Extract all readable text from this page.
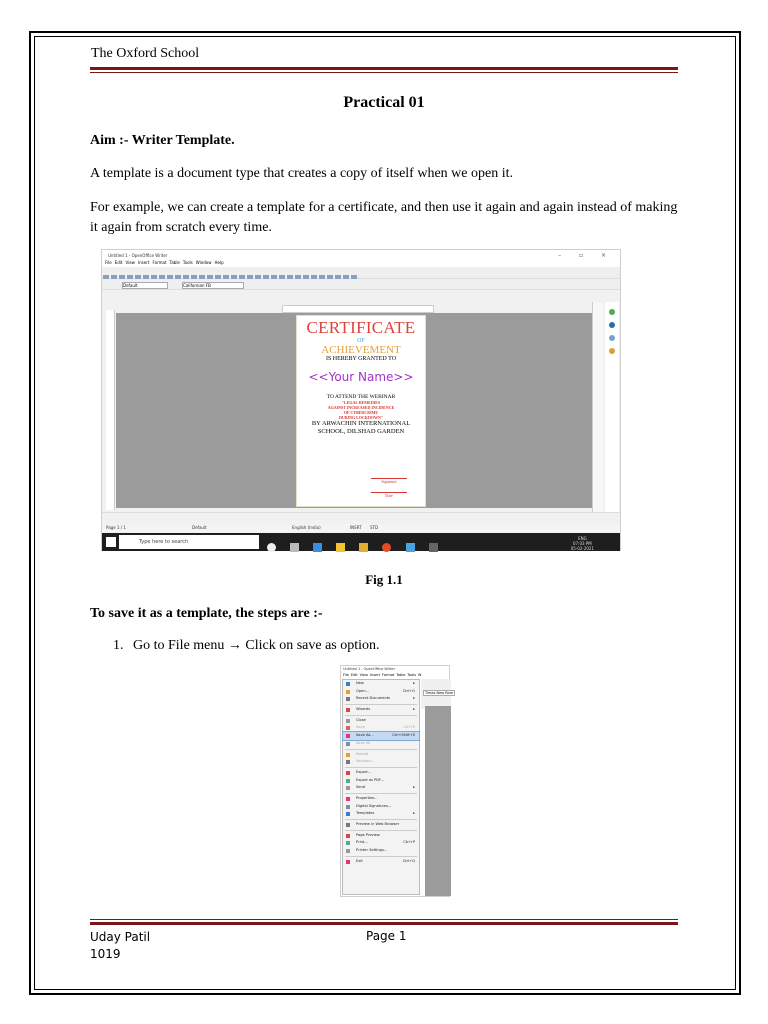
The Oxford School
Practical 01
Aim :- Writer Template.
A template is a document type that creates a copy of itself when we open it.
For example, we can create a template for a certificate, and then use it again and again instead of making it again from scratch every time.
Untitled 1 - OpenOffice Writer	– ▫ ×
File Edit View Insert Format Table Tools Window Help
Default	Californian FB
CERTIFICATE
OF
ACHIEVEMENT
IS HEREBY GRANTED TO
<<Your Name>>
TO ATTEND THE WEBINAR
"LEGAL REMEDIES
AGAINST INCREASED INCIDENCE
OF CYBERCRIME
DURING LOCKDOWN"
BY ARWACHIN INTERNATIONAL
SCHOOL, DILSHAD GARDEN
Signature
Date
Page 1 / 1	Default	English (India)	INSRT STD
Type here to search

ENG
07:03 PM
05-02-2021
Fig 1.1
To save it as a template, the steps are :-
1. Go to File menu → Click on save as option.
Untitled 1 - OpenOffice Writer
File Edit View Insert Format Table Tools W
Times New Rom
New	▸
Open...	Ctrl+O
Recent Documents	▸
Wizards	▸
Close
Save	Ctrl+S
Save As...	Ctrl+Shift+S
Save All
Reload
Versions...
Export...
Export as PDF...
Send	▸
Properties...
Digital Signatures...
Templates	▸
Preview in Web Browser
Page Preview
Print...	Ctrl+P
Printer Settings...
Exit	Ctrl+Q
Uday Patil
1019
Page 1
